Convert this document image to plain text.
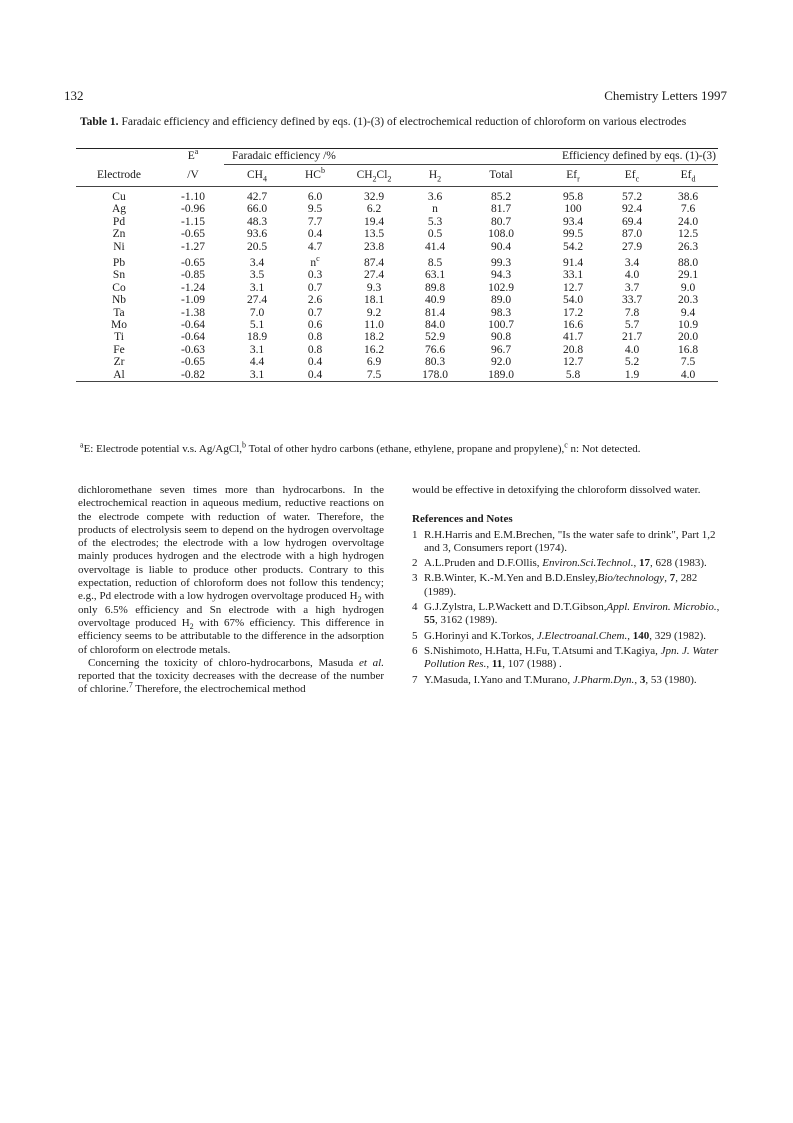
132	Chemistry Letters 1997
Table 1. Faradaic efficiency and efficiency defined by eqs. (1)-(3) of electrochemical reduction of chloroform on various electrodes
	$E^a$	Faradaic efficiency /%					Efficiency defined by eqs. (1)-(3)		
Electrode	/V	$CH_4$	$HC^b$	$CH_2Cl_2$	$H_2$	Total	$Ef_r$	$Ef_c$	$Ef_d$
Cu	-1.10	42.7	6.0	32.9	3.6	85.2	95.8	57.2	38.6
Ag	-0.96	66.0	9.5	6.2	n	81.7	100	92.4	7.6
Pd	-1.15	48.3	7.7	19.4	5.3	80.7	93.4	69.4	24.0
Zn	-0.65	93.6	0.4	13.5	0.5	108.0	99.5	87.0	12.5
Ni	-1.27	20.5	4.7	23.8	41.4	90.4	54.2	27.9	26.3
Pb	-0.65	3.4	$n^c$	87.4	8.5	99.3	91.4	3.4	88.0
Sn	-0.85	3.5	0.3	27.4	63.1	94.3	33.1	4.0	29.1
Co	-1.24	3.1	0.7	9.3	89.8	102.9	12.7	3.7	9.0
Nb	-1.09	27.4	2.6	18.1	40.9	89.0	54.0	33.7	20.3
Ta	-1.38	7.0	0.7	9.2	81.4	98.3	17.2	7.8	9.4
Mo	-0.64	5.1	0.6	11.0	84.0	100.7	16.6	5.7	10.9
Ti	-0.64	18.9	0.8	18.2	52.9	90.8	41.7	21.7	20.0
Fe	-0.63	3.1	0.8	16.2	76.6	96.7	20.8	4.0	16.8
Zr	-0.65	4.4	0.4	6.9	80.3	92.0	12.7	5.2	7.5
Al	-0.82	3.1	0.4	7.5	178.0	189.0	5.8	1.9	4.0
$^a$E: Electrode potential v.s. Ag/AgCl,$^b$ Total of other hydro carbons (ethane, ethylene, propane and propylene),$^c$ n: Not detected.

dichloromethane seven times more than hydrocarbons. In the electrochemical reaction in aqueous medium, reductive reactions on the electrode compete with reduction of water. Therefore, the products of electrolysis seem to depend on the hydrogen overvoltage of the electrodes; the electrode with a low hydrogen overvoltage mainly produces hydrogen and the electrode with a high hydrogen overvoltage is liable to produce other products. Contrary to this expectation, reduction of chloroform does not follow this tendency; e.g., Pd electrode with a low hydrogen overvoltage produced $H_2$ with only 6.5% efficiency and Sn electrode with a high hydrogen overvoltage produced $H_2$ with 67% efficiency. This difference in efficiency seems to be attributable to the difference in the adsorption of chloroform on electrode metals.

Concerning the toxicity of chloro-hydrocarbons, Masuda et al. reported that the toxicity decreases with the decrease of the number of chlorine.$^7$ Therefore, the electrochemical method

would be effective in detoxifying the chloroform dissolved water.

References and Notes

1 R.H.Harris and E.M.Brechen, "Is the water safe to drink", Part 1,2 and 3, Consumers report (1974).

2 A.L.Pruden and D.F.Ollis, Environ.Sci.Technol., 17, 628 (1983).

3 R.B.Winter, K.-M.Yen and B.D.Ensley,Bio/technology, 7, 282 (1989).

4 G.J.Zylstra, L.P.Wackett and D.T.Gibson,Appl. Environ. Microbio., 55, 3162 (1989).

5 G.Horinyi and K.Torkos, J.Electroanal.Chem., 140, 329 (1982).

6 S.Nishimoto, H.Hatta, H.Fu, T.Atsumi and T.Kagiya, Jpn. J. Water Pollution Res., 11, 107 (1988) .

7 Y.Masuda, I.Yano and T.Murano, J.Pharm.Dyn., 3, 53 (1980).
